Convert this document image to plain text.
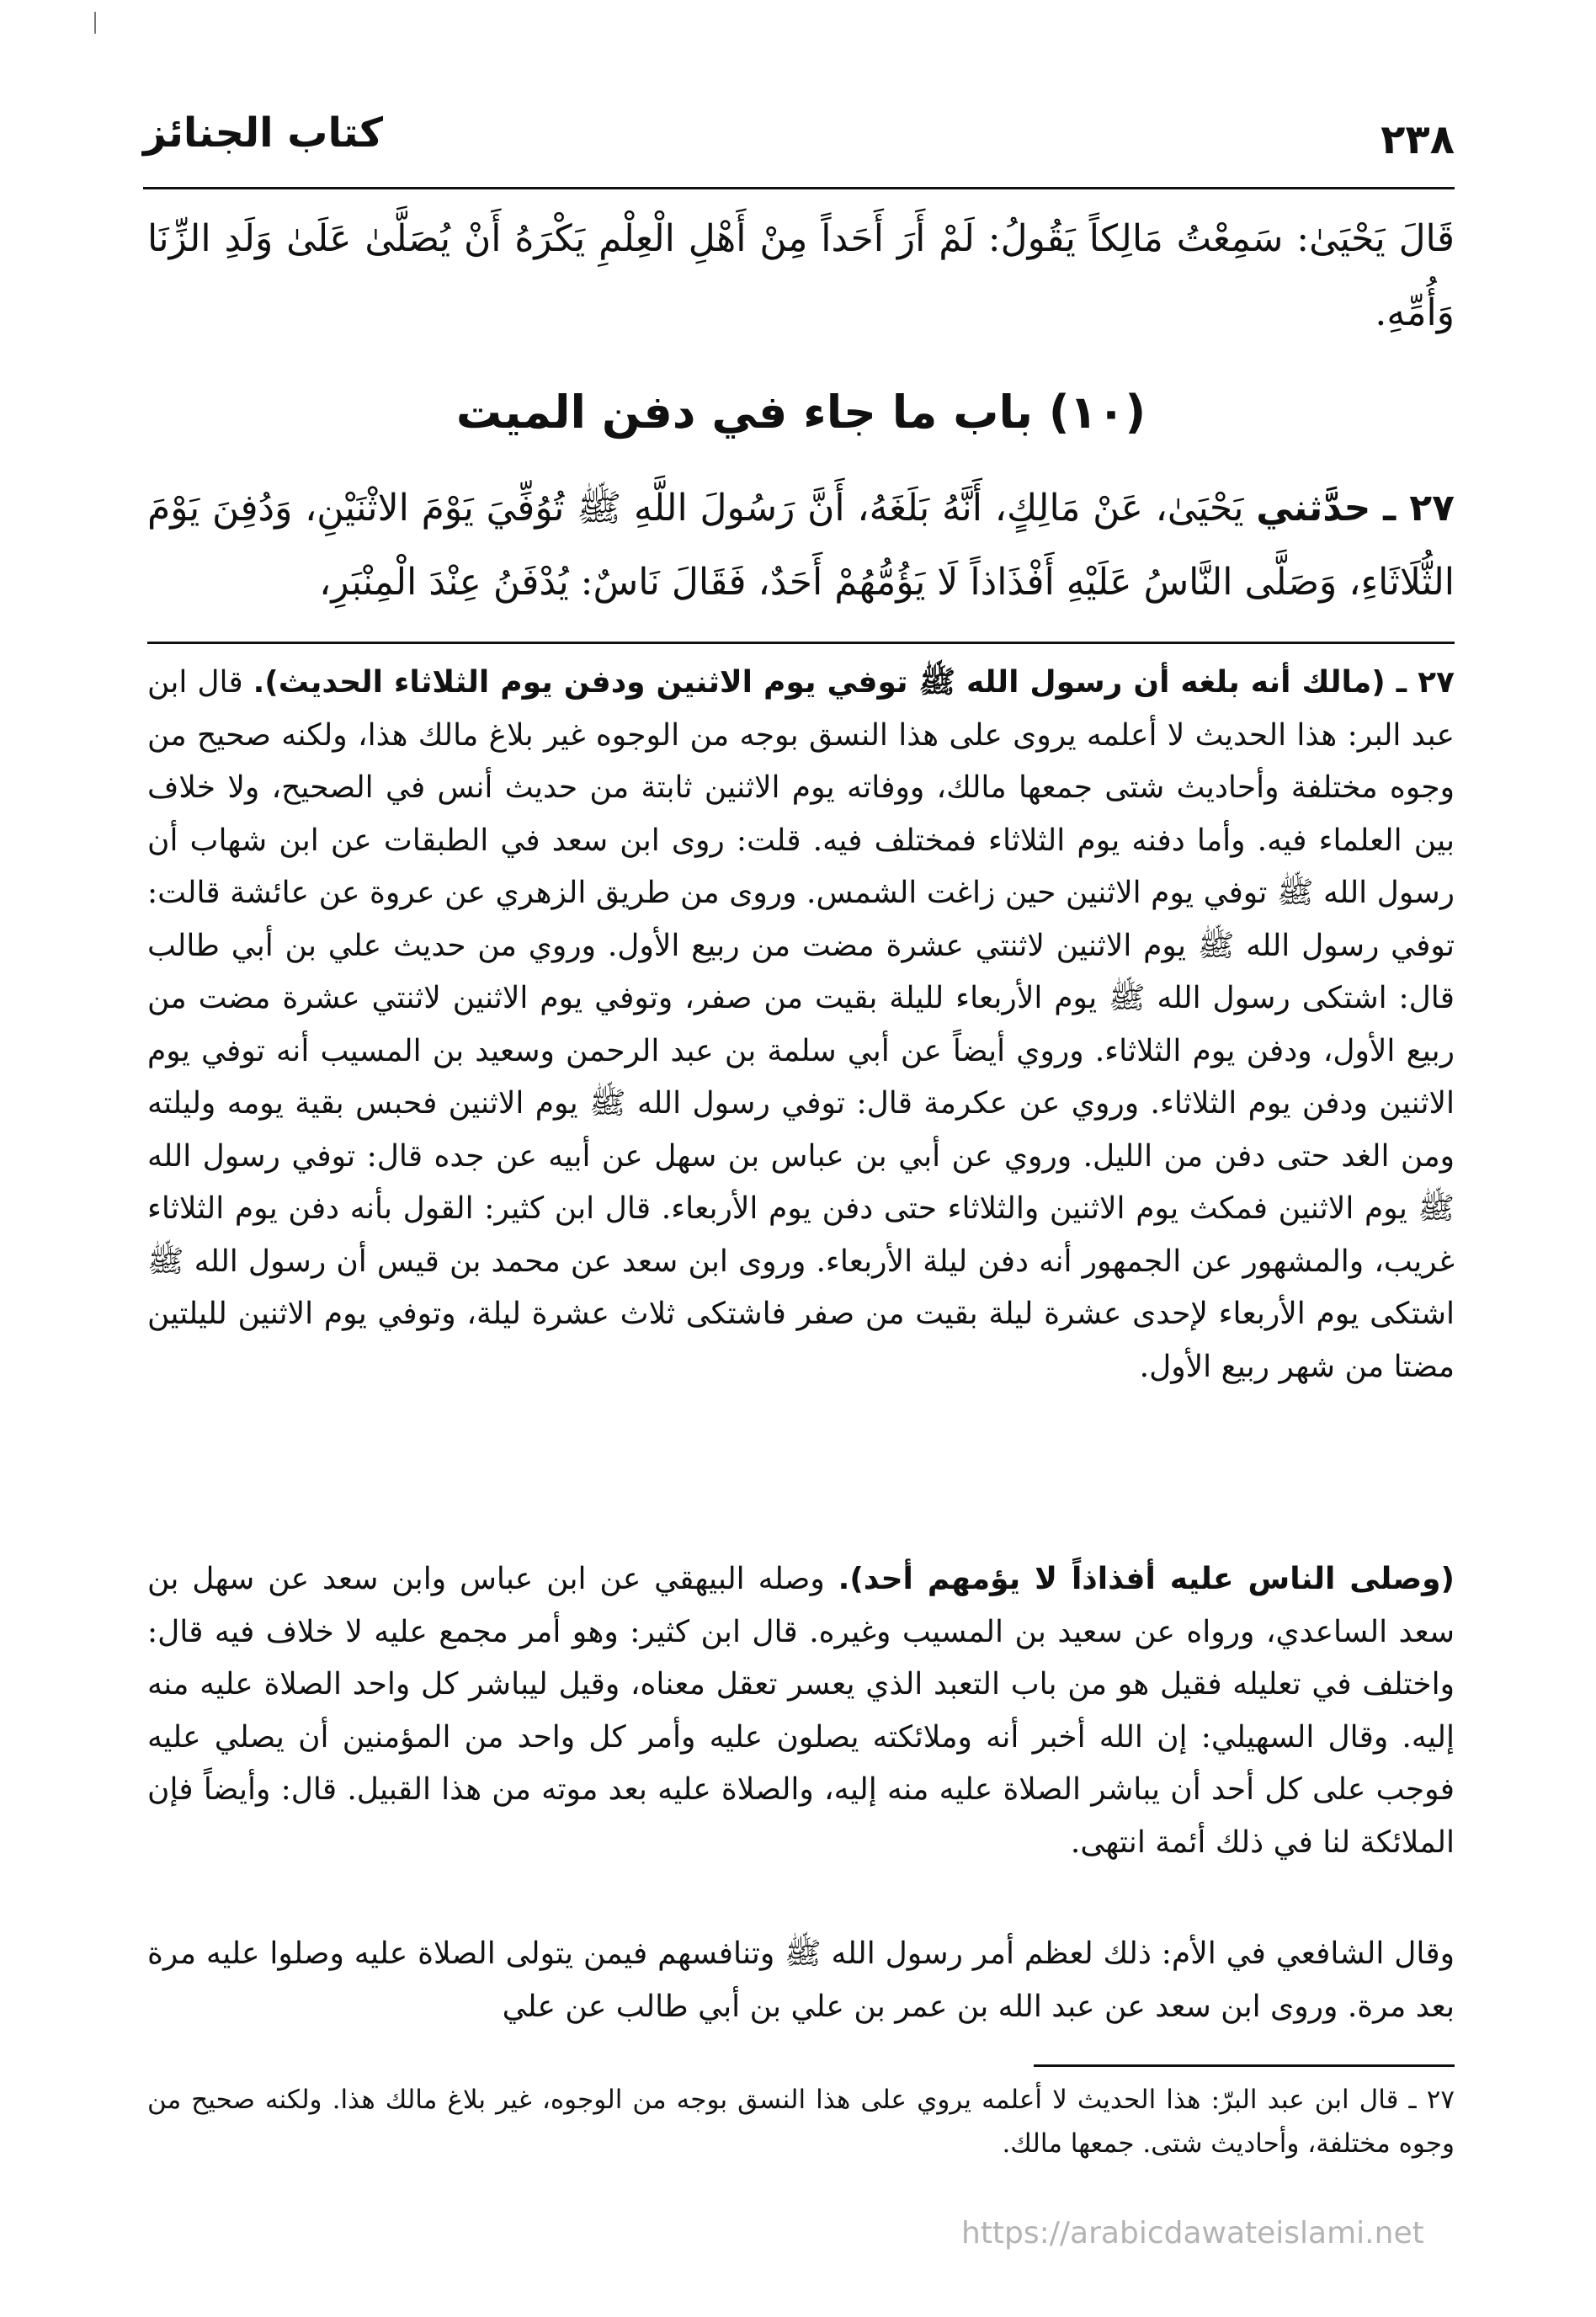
كتاب الجنائز	٢٣٨
قَالَ يَحْيَىٰ: سَمِعْتُ مَالِكاً يَقُولُ: لَمْ أَرَ أَحَداً مِنْ أَهْلِ الْعِلْمِ يَكْرَهُ أَنْ يُصَلَّىٰ عَلَىٰ وَلَدِ الزِّنَا وَأُمِّهِ.
(١٠) باب ما جاء في دفن الميت
٢٧ ـ حدَّثني يَحْيَىٰ، عَنْ مَالِكٍ، أَنَّهُ بَلَغَهُ، أَنَّ رَسُولَ اللَّهِ ﷺ تُوُفِّيَ يَوْمَ الاثْنَيْنِ، وَدُفِنَ يَوْمَ الثُّلَاثَاءِ، وَصَلَّى النَّاسُ عَلَيْهِ أَفْذَاذاً لَا يَؤُمُّهُمْ أَحَدٌ، فَقَالَ نَاسٌ: يُدْفَنُ عِنْدَ الْمِنْبَرِ،
٢٧ ـ (مالك أنه بلغه أن رسول الله ﷺ توفي يوم الاثنين ودفن يوم الثلاثاء الحديث). قال ابن عبد البر: هذا الحديث لا أعلمه يروى على هذا النسق بوجه من الوجوه غير بلاغ مالك هذا، ولكنه صحيح من وجوه مختلفة وأحاديث شتى جمعها مالك، ووفاته يوم الاثنين ثابتة من حديث أنس في الصحيح، ولا خلاف بين العلماء فيه. وأما دفنه يوم الثلاثاء فمختلف فيه. قلت: روى ابن سعد في الطبقات عن ابن شهاب أن رسول الله ﷺ توفي يوم الاثنين حين زاغت الشمس. وروى من طريق الزهري عن عروة عن عائشة قالت: توفي رسول الله ﷺ يوم الاثنين لاثنتي عشرة مضت من ربيع الأول. وروي من حديث علي بن أبي طالب قال: اشتكى رسول الله ﷺ يوم الأربعاء لليلة بقيت من صفر، وتوفي يوم الاثنين لاثنتي عشرة مضت من ربيع الأول، ودفن يوم الثلاثاء. وروي أيضاً عن أبي سلمة بن عبد الرحمن وسعيد بن المسيب أنه توفي يوم الاثنين ودفن يوم الثلاثاء. وروي عن عكرمة قال: توفي رسول الله ﷺ يوم الاثنين فحبس بقية يومه وليلته ومن الغد حتى دفن من الليل. وروي عن أبي بن عباس بن سهل عن أبيه عن جده قال: توفي رسول الله ﷺ يوم الاثنين فمكث يوم الاثنين والثلاثاء حتى دفن يوم الأربعاء. قال ابن كثير: القول بأنه دفن يوم الثلاثاء غريب، والمشهور عن الجمهور أنه دفن ليلة الأربعاء. وروى ابن سعد عن محمد بن قيس أن رسول الله ﷺ اشتكى يوم الأربعاء لإحدى عشرة ليلة بقيت من صفر فاشتكى ثلاث عشرة ليلة، وتوفي يوم الاثنين لليلتين مضتا من شهر ربيع الأول.
(وصلى الناس عليه أفذاذاً لا يؤمهم أحد). وصله البيهقي عن ابن عباس وابن سعد عن سهل بن سعد الساعدي، ورواه عن سعيد بن المسيب وغيره. قال ابن كثير: وهو أمر مجمع عليه لا خلاف فيه قال: واختلف في تعليله فقيل هو من باب التعبد الذي يعسر تعقل معناه، وقيل ليباشر كل واحد الصلاة عليه منه إليه. وقال السهيلي: إن الله أخبر أنه وملائكته يصلون عليه وأمر كل واحد من المؤمنين أن يصلي عليه فوجب على كل أحد أن يباشر الصلاة عليه منه إليه، والصلاة عليه بعد موته من هذا القبيل. قال: وأيضاً فإن الملائكة لنا في ذلك أئمة انتهى.
وقال الشافعي في الأم: ذلك لعظم أمر رسول الله ﷺ وتنافسهم فيمن يتولى الصلاة عليه وصلوا عليه مرة بعد مرة. وروى ابن سعد عن عبد الله بن عمر بن علي بن أبي طالب عن علي
٢٧ ـ قال ابن عبد البرّ: هذا الحديث لا أعلمه يروي على هذا النسق بوجه من الوجوه، غير بلاغ مالك هذا. ولكنه صحيح من وجوه مختلفة، وأحاديث شتى. جمعها مالك.
https://arabicdawateislami.net
